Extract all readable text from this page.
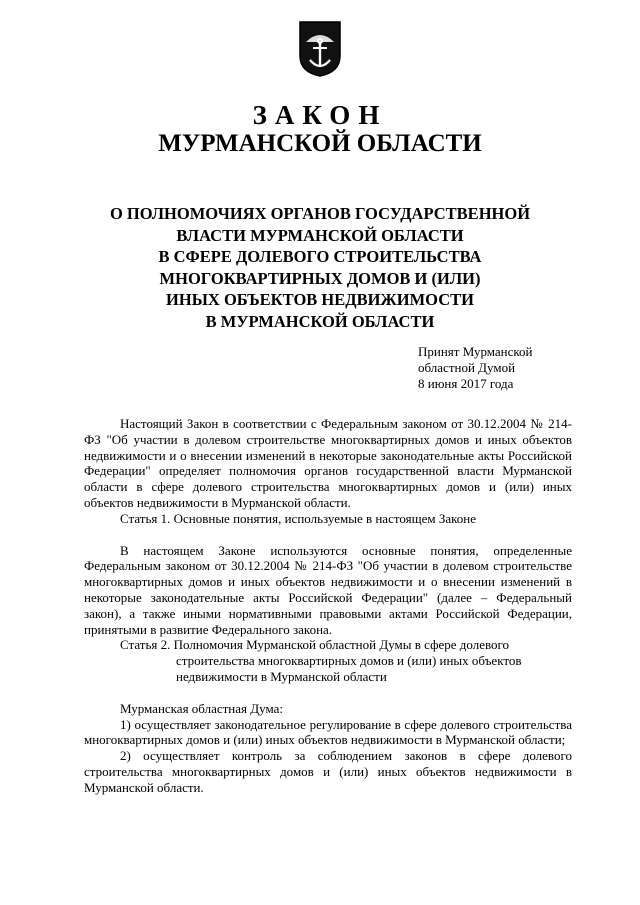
ЗАКОН
МУРМАНСКОЙ ОБЛАСТИ
О ПОЛНОМОЧИЯХ ОРГАНОВ ГОСУДАРСТВЕННОЙ
ВЛАСТИ МУРМАНСКОЙ ОБЛАСТИ
В СФЕРЕ ДОЛЕВОГО СТРОИТЕЛЬСТВА
МНОГОКВАРТИРНЫХ ДОМОВ И (ИЛИ)
ИНЫХ ОБЪЕКТОВ НЕДВИЖИМОСТИ
В МУРМАНСКОЙ ОБЛАСТИ
Принят Мурманской
областной Думой
8 июня 2017 года

Настоящий Закон в соответствии с Федеральным законом от 30.12.2004 № 214-ФЗ "Об участии в долевом строительстве многоквартирных домов и иных объектов недвижимости и о внесении изменений в некоторые законодательные акты Российской Федерации" определяет полномочия органов государственной власти Мурманской области в сфере долевого строительства многоквартирных домов и (или) иных объектов недвижимости в Мурманской области.

Статья 1. Основные понятия, используемые в настоящем Законе

В настоящем Законе используются основные понятия, определенные Федеральным законом от 30.12.2004 № 214-ФЗ "Об участии в долевом строительстве многоквартирных домов и иных объектов недвижимости и о внесении изменений в некоторые законодательные акты Российской Федерации" (далее – Федеральный закон), а также иными нормативными правовыми актами Российской Федерации, принятыми в развитие Федерального закона.

Статья 2. Полномочия Мурманской областной Думы в сфере долевого
строительства многоквартирных домов и (или) иных объектов
недвижимости в Мурманской области

Мурманская областная Дума:

1) осуществляет законодательное регулирование в сфере долевого строительства многоквартирных домов и (или) иных объектов недвижимости в Мурманской области;

2) осуществляет контроль за соблюдением законов в сфере долевого строительства многоквартирных домов и (или) иных объектов недвижимости в Мурманской области.
